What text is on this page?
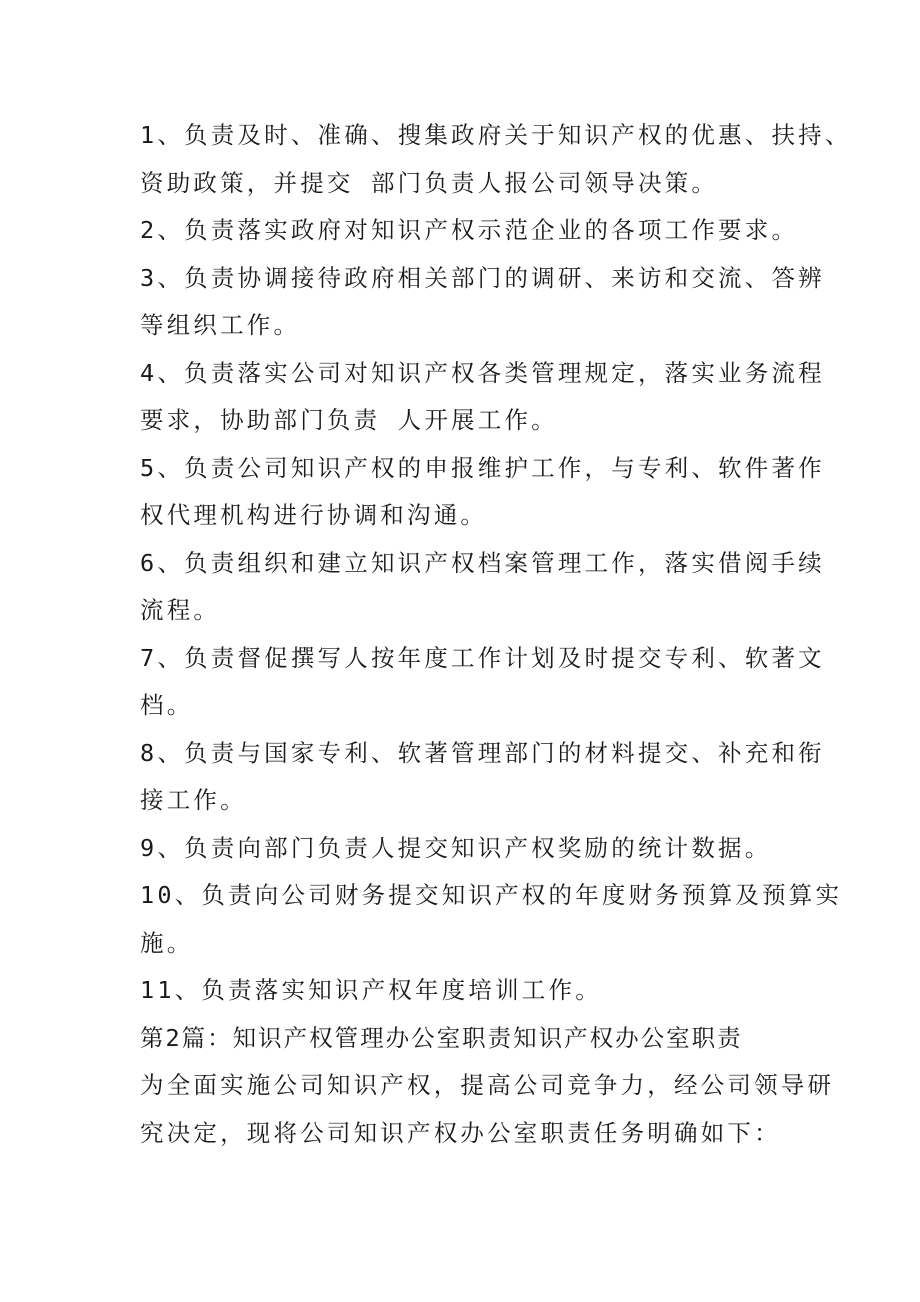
1、负责及时、准确、搜集政府关于知识产权的优惠、扶持、
资助政策，并提交 部门负责人报公司领导决策。
2、负责落实政府对知识产权示范企业的各项工作要求。
3、负责协调接待政府相关部门的调研、来访和交流、答辨
等组织工作。
4、负责落实公司对知识产权各类管理规定，落实业务流程
要求，协助部门负责 人开展工作。
5、负责公司知识产权的申报维护工作，与专利、软件著作
权代理机构进行协调和沟通。
6、负责组织和建立知识产权档案管理工作，落实借阅手续
流程。
7、负责督促撰写人按年度工作计划及时提交专利、软著文
档。
8、负责与国家专利、软著管理部门的材料提交、补充和衔
接工作。
9、负责向部门负责人提交知识产权奖励的统计数据。
10、负责向公司财务提交知识产权的年度财务预算及预算实
施。
11、负责落实知识产权年度培训工作。
第2篇：知识产权管理办公室职责知识产权办公室职责
为全面实施公司知识产权，提高公司竞争力，经公司领导研
究决定，现将公司知识产权办公室职责任务明确如下：
